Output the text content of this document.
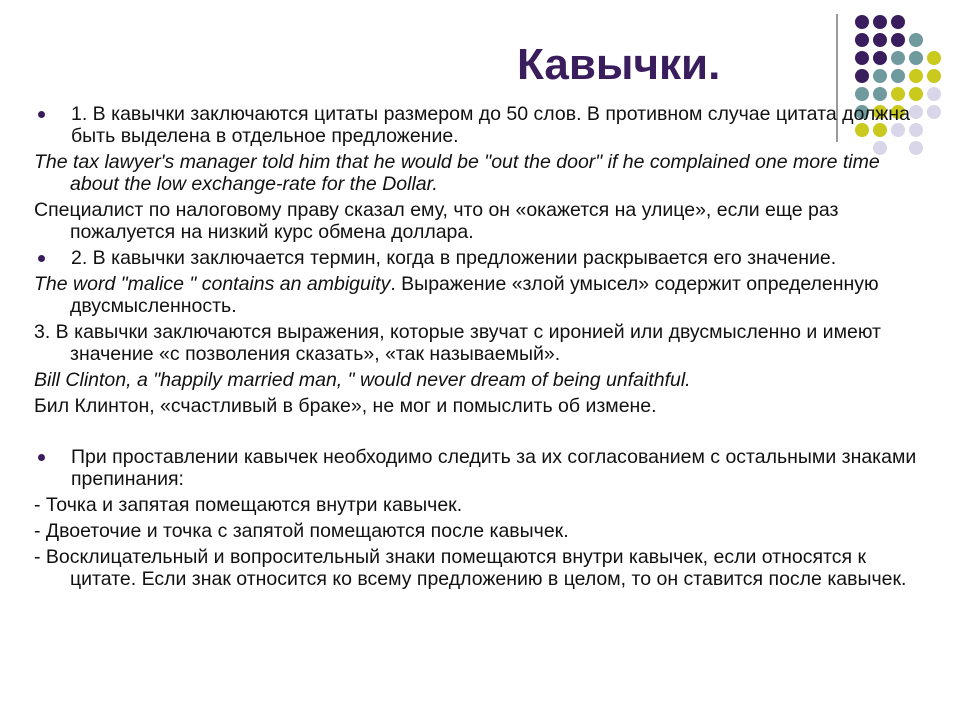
Кавычки.
1. В кавычки заключаются цитаты размером до 50 слов. В противном случае цитата должна быть выделена в отдельное предложение.
The tax lawyer's manager told him that he would be "out the door" if he complained one more time about the low exchange-rate for the Dollar.
Специалист по налоговому праву сказал ему, что он «окажется на улице», если еще раз пожалуется на низкий курс обмена доллара.
2. В кавычки заключается термин, когда в предложении раскрывается его значение.
The word "malice " contains an ambiguity. Выражение «злой умысел» содержит определенную двусмысленность.
3. В кавычки заключаются выражения, которые звучат с иронией или двусмысленно и имеют значение «с позволения сказать», «так называемый».
Bill Clinton, a "happily married man, " would never dream of being unfaithful.
Бил Клинтон, «счастливый в браке», не мог и помыслить об измене.
При проставлении кавычек необходимо следить за их согласованием с остальными знаками препинания:
- Точка и запятая помещаются внутри кавычек.
- Двоеточие и точка с запятой помещаются после кавычек.
- Восклицательный и вопросительный знаки помещаются внутри кавычек, если относятся к цитате. Если знак относится ко всему предложению в целом, то он ставится после кавычек.
